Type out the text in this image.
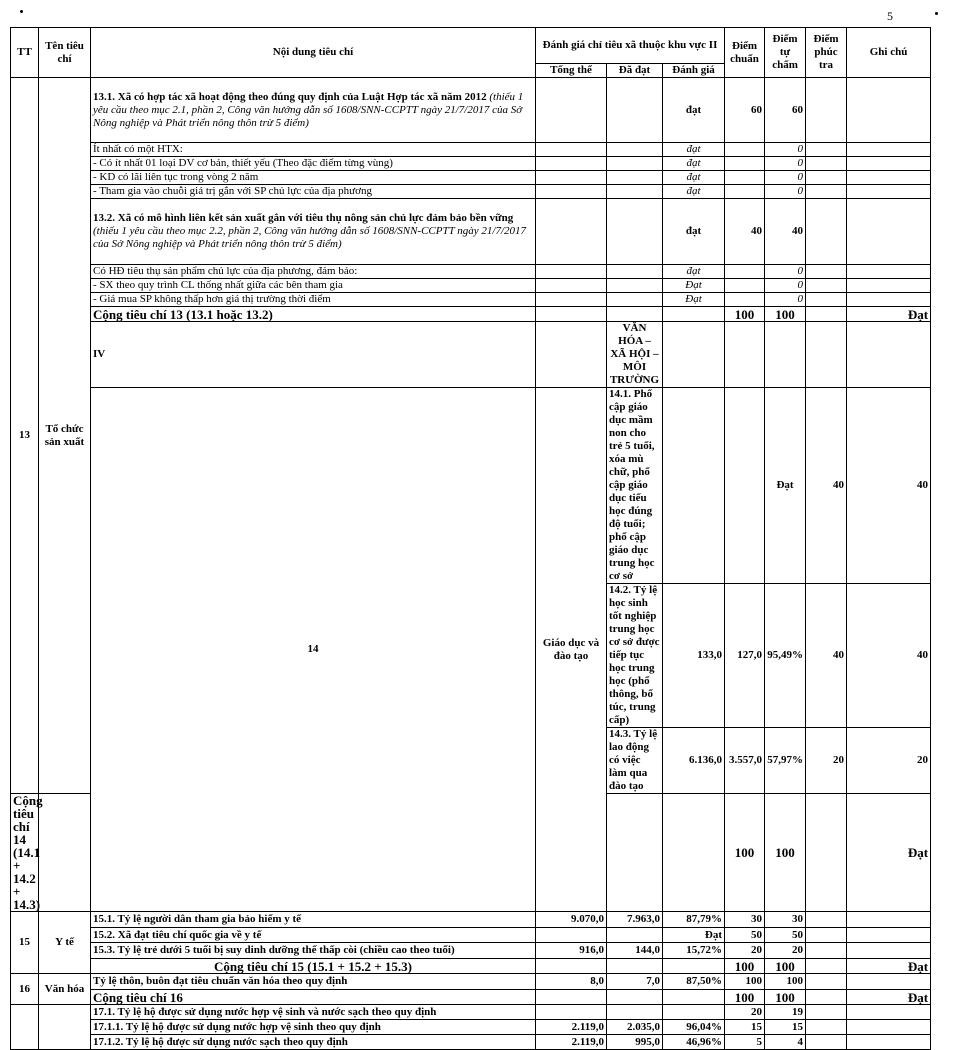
5
TT	Tên tiêu chí	Nội dung tiêu chí	Đánh giá chỉ tiêu xã thuộc khu vực II			Điểm chuẩn	Điểm tự chấm	Điểm phúc tra	Ghi chú	
			Tổng thể	Đã đạt	Đánh giá					
13	Tổ chức sản xuất	13.1. Xã có hợp tác xã hoạt động theo đúng quy định của Luật Hợp tác xã năm 2012 (thiếu 1 yêu cầu theo mục 2.1, phần 2, Công văn hướng dẫn số 1608/SNN-CCPTT ngày 21/7/2017 của Sở Nông nghiệp và Phát triển nông thôn trừ 5 điểm)			đạt	60	60			
		Ít nhất có một HTX:			đạt		0			
		- Có ít nhất 01 loại DV cơ bản, thiết yếu (Theo đặc điểm từng vùng)			đạt		0			
		- KD có lãi liên tục trong vòng 2 năm			đạt		0			
		- Tham gia vào chuỗi giá trị gắn với SP chủ lực của địa phương			đạt		0			
		13.2. Xã có mô hình liên kết sản xuất gắn với tiêu thụ nông sản chủ lực đảm bảo bền vững (thiếu 1 yêu cầu theo mục 2.2, phần 2, Công văn hướng dẫn số 1608/SNN-CCPTT ngày 21/7/2017 của Sở Nông nghiệp và Phát triển nông thôn trừ 5 điểm)			đạt	40	40			
		Có HĐ tiêu thụ sản phẩm chủ lực của địa phương, đảm bảo:			đạt		0			
		- SX theo quy trình CL thống nhất giữa các bên tham gia			Đạt		0			
		- Giá mua SP không thấp hơn giá thị trường thời điểm			Đạt		0			
		Cộng tiêu chí 13 (13.1 hoặc 13.2)				100	100		Đạt	
		IV		VĂN HÓA – XÃ HỘI – MÔI TRƯỜNG							
		14	Giáo dục và đào tạo	14.1. Phổ cập giáo dục mầm non cho trẻ 5 tuổi, xóa mù chữ, phổ cập giáo dục tiểu học đúng độ tuổi; phổ cập giáo dục trung học cơ sở			Đạt	40	40		
				14.2. Tỷ lệ học sinh tốt nghiệp trung học cơ sở được tiếp tục học trung học (phổ thông, bổ túc, trung cấp)	133,0	127,0	95,49%	40	40		
				14.3. Tỷ lệ lao động có việc làm qua đào tạo	6.136,0	3.557,0	57,97%	20	20		
Cộng tiêu chí 14 (14.1 + 14.2 + 14.3)						100	100		Đạt	
15	Y tế	15.1. Tỷ lệ người dân tham gia bảo hiểm y tế	9.070,0	7.963,0	87,79%	30	30			
		15.2. Xã đạt tiêu chí quốc gia về y tế			Đạt	50	50			
		15.3. Tỷ lệ trẻ dưới 5 tuổi bị suy dinh dưỡng thể thấp còi (chiều cao theo tuổi)	916,0	144,0	15,72%	20	20			
		Cộng tiêu chí 15 (15.1 + 15.2 + 15.3)				100	100		Đạt	
16	Văn hóa	Tỷ lệ thôn, buôn đạt tiêu chuẩn văn hóa theo quy định	8,0	7,0	87,50%	100	100			
		Cộng tiêu chí 16				100	100		Đạt	
		17.1. Tỷ lệ hộ được sử dụng nước hợp vệ sinh và nước sạch theo quy định				20	19			
		17.1.1. Tỷ lệ hộ được sử dụng nước hợp vệ sinh theo quy định	2.119,0	2.035,0	96,04%	15	15			
		17.1.2. Tỷ lệ hộ được sử dụng nước sạch theo quy định	2.119,0	995,0	46,96%	5	4			
